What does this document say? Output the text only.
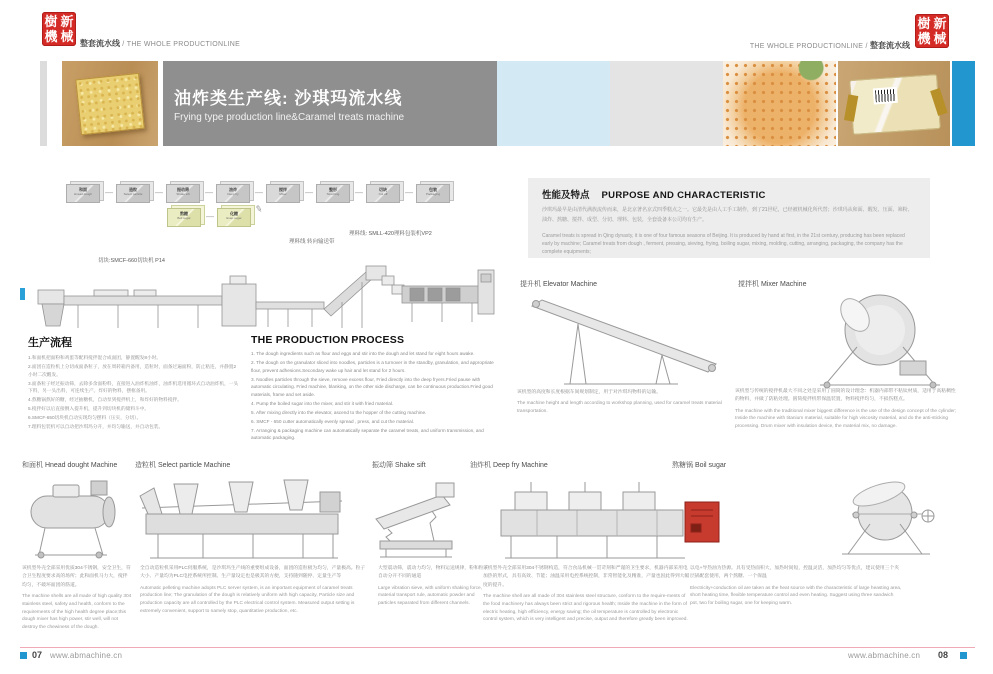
樹機
新械 整套流水线 / THE WHOLE PRODUCTIONLINE	THE WHOLE PRODUCTIONLINE / 整套流水线
樹機
新械
油炸类生产线: 沙琪玛流水线
Frying type production line&Caramel treats machine
和面
Hnead dough
造粒
Select particle
振动筛
Shake sift
油炸
Deep fry
搅拌
Mixer
整形
Streching
切块
Cut off
包装
Packaging
—	—	—	—	—	—	—
熬糖
Boil sugar
化糖
Evap sugar
—
✎
切块:SMCF-660切块机 P14
理料线 转向输送带
理料线: SMLL-420理料包装机VP2
生产流程
1.和面机把面粉和鸡蛋等配料搅拌混合成面团，静置醒发8小时。
2.面团在造粒机上分切成面条粒子，放在周转箱内备用，造粒时，面条过遍面粉，防止粘连，并静置2小时二次醒发。
3.面条粒子经过振动筛，去除多余面粉料，直接进入油炸机油炸，油炸机选用循环式自动油炸机，一头下料，另一头出料，可连续生产。炸好的物料，摆框备用。
4.熬糖锅熬好的糖，经过抽糖机，自动泵到搅拌机上，和炸好的物料搅拌。
5.搅拌好以后直接倒入提升机，提升到切块机的储料斗中。
6.SMCF-650切块机自动实现均匀摆料（压实，分切）。
7.理料包装机可以自动把沙琪玛分开，并均匀输送，并自动包装。
THE PRODUCTION PROCESS
1. The dough ingredients such as flour and eggs and stir into the dough and let stand for eight hours awake.
2. The dough on the granulator sliced into noodles, particles is a turnover in the standby, granulation, and appropriate flour, prevent adhesions.Secondary wake up hair and let stand for 2 hours.
3. Noodles particles through the sieve, remove excess flour, Fried directly into the deep fryers.Fried pause with automatic circulating. Fried machine, blanking, on the other side discharge, can be continuous production.Fried good materials, frame and set aside.
4. Pump the boiled sugar into the mixer, and stir it with fried material.
5. After mixing directly into the elevator, ascend to the hopper of the cutting machine.
6. SMCF - 650 cutter automatically evenly spread , press, and cut the material.
7. Arranging & packaging machine can automatically separate the caramel treats, and uniform transmission, and automatic packaging.
性能及特点 PURPOSE AND CHARACTERISTIC
沙琪玛最早是由清代满族流传而来，是北京著名京式四季糕点之一。它最先是由人工手工制作，到了21世纪，已经被机械化所代替；沙琪玛从和面、醒发、压面、筛粉、油炸、熬糖、搅拌、成型、分切、理料、包装，全套设备本公司均有生产。
Caramel treats is spread in Qing dynasty, it is one of four famous seasons of Beijing. It is produced by hand at first, in the 21st century, producing has been replaced early by machine; Caramel treats from dough , ferment, pressing, sieving, frying, boiling sugar, mixing, molding, cutting, arranging, packaging, the company has the complete equipments;
提升机 Elevator Machine
该机型的高度和长度根据车间规划制定，用于对沙琪玛物料的运输。
The machine height and length according to workshop planning, used for caramel treats material transportation.
搅拌机 Mixer Machine
该机型与传统的搅拌机最大不同之处是采用了圆筒的设计理念：机器内部带不粘钛材质，适用于高粘稠性的物料，并做了防粘处理。圆筒搅拌机带保温装置，物料搅拌均匀，不损伤糕点。
The machine with the traditional mixer biggest difference is the use of the design concept of the cylinder; Inside the machine with titanium material, suitable for high viscosity material, and do the anti-sticking processing. Drum mixer with insulation device, the material mix, no damage.
和面机 Hnead dought Machine
该机型外壳全部采用优质304不锈钢，安全卫生，符合卫生程度要求高的场所；此和面机马力大，搅拌均匀，不破坏面团的筋道。
The machine shells are all made of high quality 304 stainless steel, safety and health, conform to the requirements of the high health degree place;this dough mixer has high power, stir well, will not destroy the chewiness of the dough.
造粒机 Select particle Machine
全自动造粒机采用PLC伺服系统，是沙琪玛生产线的重要组成设备，面团的造粒极为均匀，产量极高。粒子大小、产量均为PLC电控系统所控制。生产量设定也是极其的方便，支持随到随停、定量生产等
Automatic pelleting machine adopts PLC server system, is an important equipment of caramel treats production line; The granulation of the dough is relatively uniform with high capacity, Particle size and production capacity are all controlled by the PLC electrical control system. Measured output setting is extremely convenient, support to namely stop, quantitative production, etc.
振动筛 Shake sift
大型震动筛，震动力均匀，物料运送规律，粉和粒子自动分开不同的通道
Large vibration sieve, with uniform shaking force, material transport rule, automatic powder and particles separated from different channels.
油炸机 Deep fry Machine
该机型外壳全部采用304不锈钢构造，符合食品机械一贯苛刻和严谨的卫生要求，机器内部采用电加热的形式，具有高效、节能；油温采用电控系统控制，非常智能化及精准，产量也因此得到大幅度的提升。
The machine shell are all made of 304 stainless steel structure, conform to the require-ments of the food machinery has always been strict and rigorous health; Inside the machine in the form of electric heating, high efficiency, energy saving; the oil temperature is controlled by electronic control system, which is very intelligent and precise, output and therefore greatly been improved.
熬糖锅 Boil sugar
以电+导热油为热源。具有受热面积大，加热时间短，控温灵活，加热均匀等优点，建议使用三个夹层锅配套使用，两个熬糖、一个保温
Electricity+conduction oil are taken as the heat source with the characteristic of large heasting area, short heating time, flexible temperature control and even heating. Suggest using three sandwich pot, two for boiling sugar, one for keeping warm.
07 www.abmachine.cn	www.abmachine.cn 08
